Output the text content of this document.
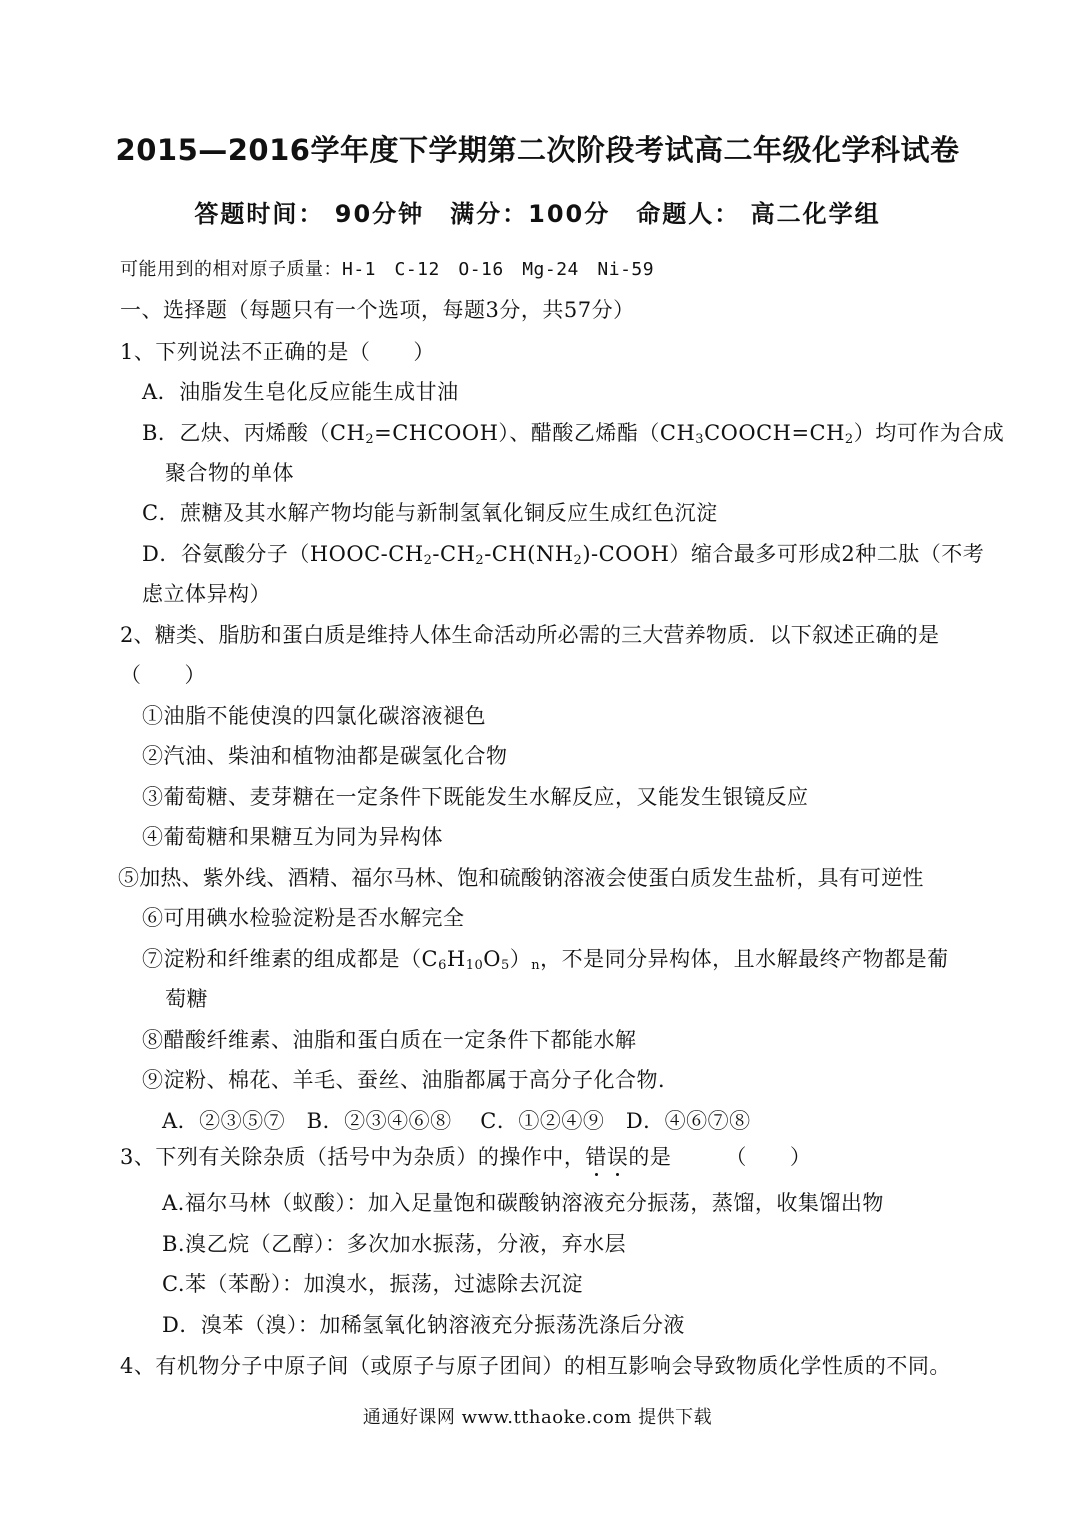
2015—2016学年度下学期第二次阶段考试高二年级化学科试卷
答题时间： 90分钟　满分：100分　命题人： 高二化学组
可能用到的相对原子质量：H-1　C-12　O-16　Mg-24　Ni-59
一、选择题（每题只有一个选项，每题3分，共57分）
1、下列说法不正确的是（　　）
A．油脂发生皂化反应能生成甘油
B．乙炔、丙烯酸$(CH_2=CHCOOH)$、醋酸乙烯酯$(CH_3COOCH=CH_2)$均可作为合成
聚合物的单体
C．蔗糖及其水解产物均能与新制氢氧化铜反应生成红色沉淀
D．谷氨酸分子$(HOOC-CH_2-CH_2-CH(NH_2)-COOH)$缩合最多可形成2种二肽（不考
虑立体异构）
2、糖类、脂肪和蛋白质是维持人体生命活动所必需的三大营养物质．以下叙述正确的是
（　　）
①油脂不能使溴的四氯化碳溶液褪色
②汽油、柴油和植物油都是碳氢化合物
③葡萄糖、麦芽糖在一定条件下既能发生水解反应，又能发生银镜反应
④葡萄糖和果糖互为同为异构体
⑤加热、紫外线、酒精、福尔马林、饱和硫酸钠溶液会使蛋白质发生盐析，具有可逆性
⑥可用碘水检验淀粉是否水解完全
⑦淀粉和纤维素的组成都是$(C_6H_{10}O_5)_n$，不是同分异构体，且水解最终产物都是葡
萄糖
⑧醋酸纤维素、油脂和蛋白质在一定条件下都能水解
⑨淀粉、棉花、羊毛、蚕丝、油脂都属于高分子化合物．
A．②③⑤⑦　B．②③④⑥⑧　 C．①②④⑨　D．④⑥⑦⑧
3、下列有关除杂质（括号中为杂质）的操作中，错误的是　　　（　　）
A.福尔马林（蚁酸）：加入足量饱和碳酸钠溶液充分振荡，蒸馏，收集馏出物
B.溴乙烷（乙醇）：多次加水振荡，分液，弃水层
C.苯（苯酚）：加溴水，振荡，过滤除去沉淀
D．溴苯（溴）：加稀氢氧化钠溶液充分振荡洗涤后分液
4、有机物分子中原子间（或原子与原子团间）的相互影响会导致物质化学性质的不同。
通通好课网 www.tthaoke.com 提供下载
